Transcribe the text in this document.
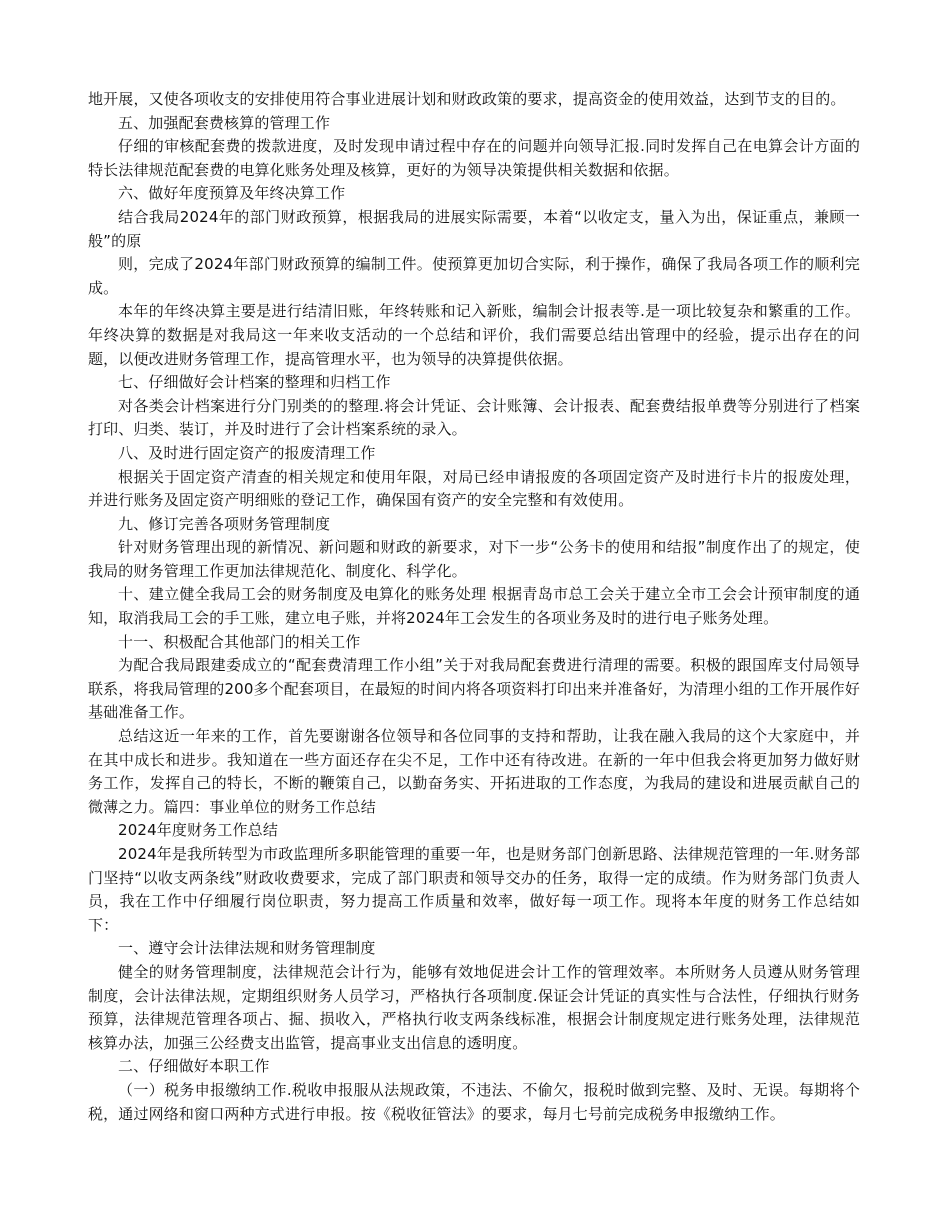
地开展，又使各项收支的安排使用符合事业进展计划和财政政策的要求，提高资金的使用效益，达到节支的目的。

五、加强配套费核算的管理工作

仔细的审核配套费的拨款进度，及时发现申请过程中存在的问题并向领导汇报.同时发挥自己在电算会计方面的特长法律规范配套费的电算化账务处理及核算，更好的为领导决策提供相关数据和依据。

六、做好年度预算及年终决算工作

结合我局2024年的部门财政预算，根据我局的进展实际需要，本着“以收定支，量入为出，保证重点，兼顾一般”的原

则，完成了2024年部门财政预算的编制工件。使预算更加切合实际，利于操作，确保了我局各项工作的顺利完成。

本年的年终决算主要是进行结清旧账，年终转账和记入新账，编制会计报表等.是一项比较复杂和繁重的工作。年终决算的数据是对我局这一年来收支活动的一个总结和评价，我们需要总结出管理中的经验，提示出存在的问题，以便改进财务管理工作，提高管理水平，也为领导的决算提供依据。

七、仔细做好会计档案的整理和归档工作

对各类会计档案进行分门别类的的整理.将会计凭证、会计账簿、会计报表、配套费结报单费等分别进行了档案打印、归类、装订，并及时进行了会计档案系统的录入。

八、及时进行固定资产的报废清理工作

根据关于固定资产清查的相关规定和使用年限，对局已经申请报废的各项固定资产及时进行卡片的报废处理，并进行账务及固定资产明细账的登记工作，确保国有资产的安全完整和有效使用。

九、修订完善各项财务管理制度

针对财务管理出现的新情况、新问题和财政的新要求，对下一步“公务卡的使用和结报”制度作出了的规定，使我局的财务管理工作更加法律规范化、制度化、科学化。

十、建立健全我局工会的财务制度及电算化的账务处理 根据青岛市总工会关于建立全市工会会计预审制度的通知，取消我局工会的手工账，建立电子账，并将2024年工会发生的各项业务及时的进行电子账务处理。

十一、积极配合其他部门的相关工作

为配合我局跟建委成立的“配套费清理工作小组”关于对我局配套费进行清理的需要。积极的跟国库支付局领导联系，将我局管理的200多个配套项目，在最短的时间内将各项资料打印出来并准备好，为清理小组的工作开展作好基础准备工作。

总结这近一年来的工作，首先要谢谢各位领导和各位同事的支持和帮助，让我在融入我局的这个大家庭中，并在其中成长和进步。我知道在一些方面还存在尖不足，工作中还有待改进。在新的一年中但我会将更加努力做好财务工作，发挥自己的特长，不断的鞭策自己，以勤奋务实、开拓进取的工作态度，为我局的建设和进展贡献自己的微薄之力。篇四：事业单位的财务工作总结

2024年度财务工作总结

2024年是我所转型为市政监理所多职能管理的重要一年，也是财务部门创新思路、法律规范管理的一年.财务部门坚持“以收支两条线”财政收费要求，完成了部门职责和领导交办的任务，取得一定的成绩。作为财务部门负责人员，我在工作中仔细履行岗位职责，努力提高工作质量和效率，做好每一项工作。现将本年度的财务工作总结如下：

一、遵守会计法律法规和财务管理制度

健全的财务管理制度，法律规范会计行为，能够有效地促进会计工作的管理效率。本所财务人员遵从财务管理制度，会计法律法规，定期组织财务人员学习，严格执行各项制度.保证会计凭证的真实性与合法性，仔细执行财务预算，法律规范管理各项占、掘、损收入，严格执行收支两条线标准，根据会计制度规定进行账务处理，法律规范核算办法，加强三公经费支出监管，提高事业支出信息的透明度。

二、仔细做好本职工作

（一）税务申报缴纳工作.税收申报服从法规政策，不违法、不偷欠，报税时做到完整、及时、无误。每期将个税，通过网络和窗口两种方式进行申报。按《税收征管法》的要求，每月七号前完成税务申报缴纳工作。
